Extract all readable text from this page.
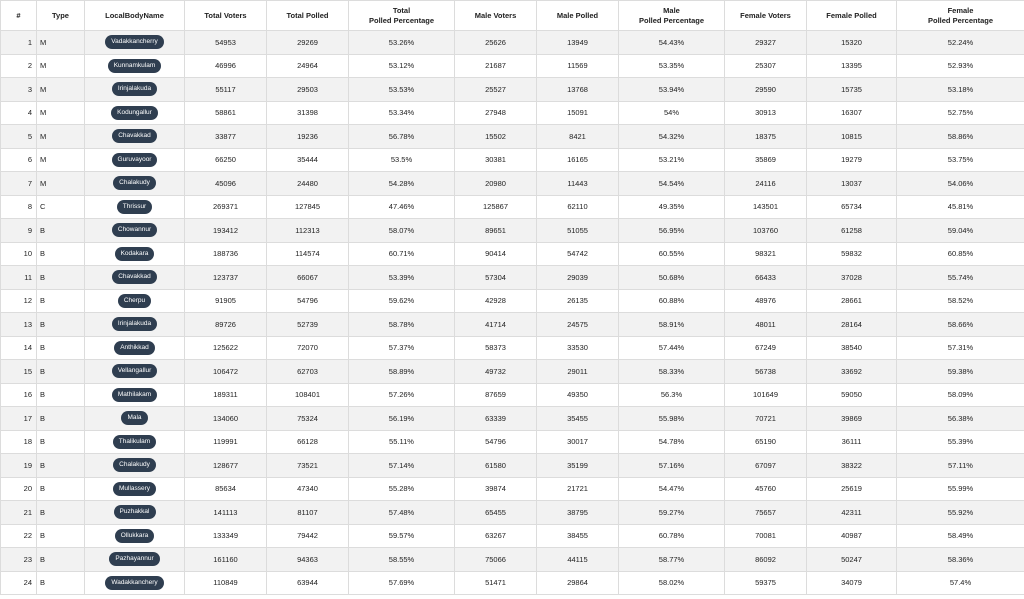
#	Type	LocalBodyName	Total Voters	Total Polled	Total
Polled Percentage	Male Voters	Male Polled	Male
Polled Percentage	Female Voters	Female Polled	Female
Polled Percentage
1	M	Vadakkancherry	54953	29269	53.26%	25626	13949	54.43%	29327	15320	52.24%
2	M	Kunnamkulam	46996	24964	53.12%	21687	11569	53.35%	25307	13395	52.93%
3	M	Irinjalakuda	55117	29503	53.53%	25527	13768	53.94%	29590	15735	53.18%
4	M	Kodungallur	58861	31398	53.34%	27948	15091	54%	30913	16307	52.75%
5	M	Chavakkad	33877	19236	56.78%	15502	8421	54.32%	18375	10815	58.86%
6	M	Guruvayoor	66250	35444	53.5%	30381	16165	53.21%	35869	19279	53.75%
7	M	Chalakudy	45096	24480	54.28%	20980	11443	54.54%	24116	13037	54.06%
8	C	Thrissur	269371	127845	47.46%	125867	62110	49.35%	143501	65734	45.81%
9	B	Chowannur	193412	112313	58.07%	89651	51055	56.95%	103760	61258	59.04%
10	B	Kodakara	188736	114574	60.71%	90414	54742	60.55%	98321	59832	60.85%
11	B	Chavakkad	123737	66067	53.39%	57304	29039	50.68%	66433	37028	55.74%
12	B	Cherpu	91905	54796	59.62%	42928	26135	60.88%	48976	28661	58.52%
13	B	Irinjalakuda	89726	52739	58.78%	41714	24575	58.91%	48011	28164	58.66%
14	B	Anthikkad	125622	72070	57.37%	58373	33530	57.44%	67249	38540	57.31%
15	B	Vellangallur	106472	62703	58.89%	49732	29011	58.33%	56738	33692	59.38%
16	B	Mathilakam	189311	108401	57.26%	87659	49350	56.3%	101649	59050	58.09%
17	B	Mala	134060	75324	56.19%	63339	35455	55.98%	70721	39869	56.38%
18	B	Thalikulam	119991	66128	55.11%	54796	30017	54.78%	65190	36111	55.39%
19	B	Chalakudy	128677	73521	57.14%	61580	35199	57.16%	67097	38322	57.11%
20	B	Mullassery	85634	47340	55.28%	39874	21721	54.47%	45760	25619	55.99%
21	B	Puzhakkal	141113	81107	57.48%	65455	38795	59.27%	75657	42311	55.92%
22	B	Ollukkara	133349	79442	59.57%	63267	38455	60.78%	70081	40987	58.49%
23	B	Pazhayannur	161160	94363	58.55%	75066	44115	58.77%	86092	50247	58.36%
24	B	Wadakkanchery	110849	63944	57.69%	51471	29864	58.02%	59375	34079	57.4%
